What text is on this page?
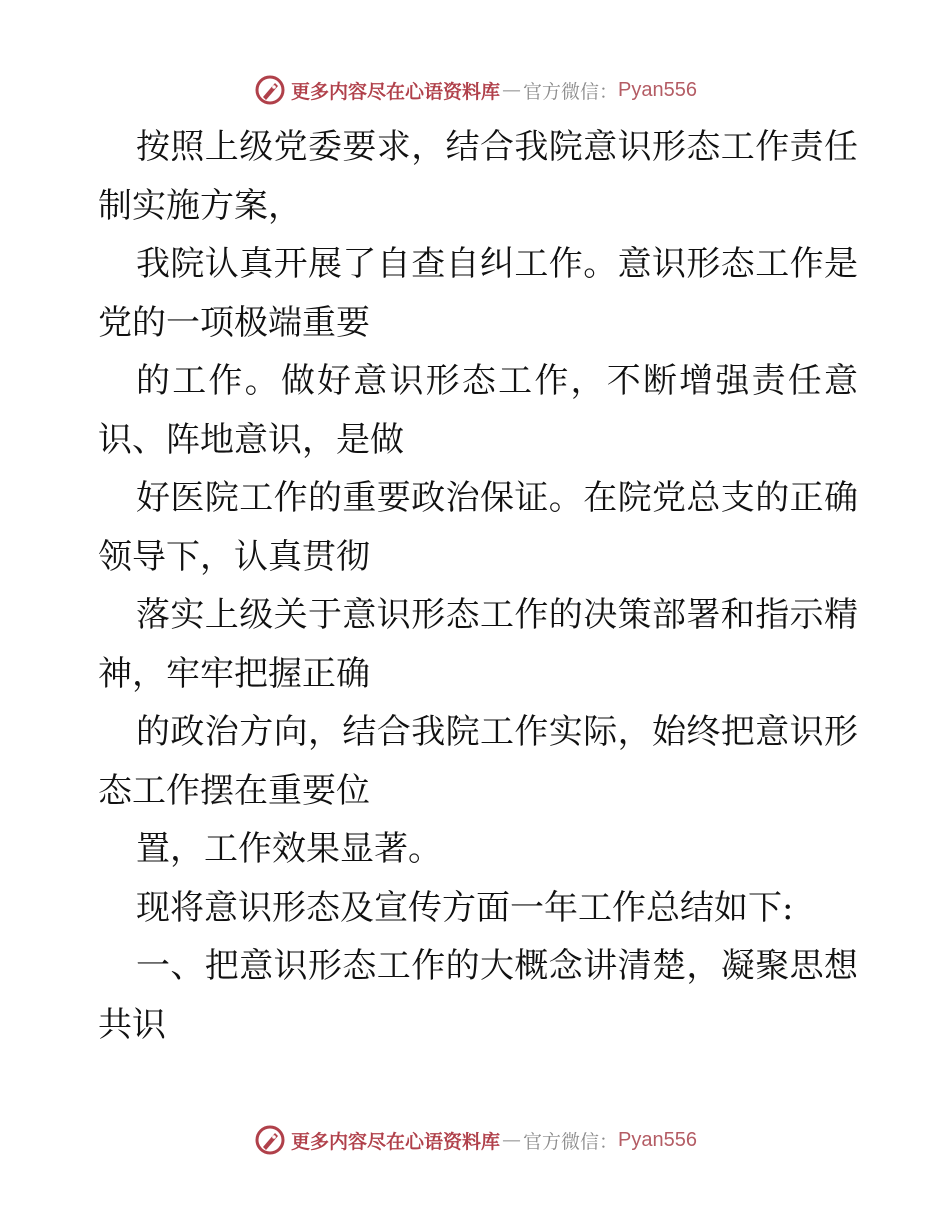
更多内容尽在心语资料库 — 官方微信： Pyan556

按照上级党委要求，结合我院意识形态工作责任制实施方案，

我院认真开展了自查自纠工作。意识形态工作是党的一项极端重要

的工作。做好意识形态工作，不断增强责任意识、阵地意识，是做

好医院工作的重要政治保证。在院党总支的正确领导下，认真贯彻

落实上级关于意识形态工作的决策部署和指示精神，牢牢把握正确

的政治方向，结合我院工作实际，始终把意识形态工作摆在重要位

置，工作效果显著。

现将意识形态及宣传方面一年工作总结如下:

一、把意识形态工作的大概念讲清楚，凝聚思想共识

更多内容尽在心语资料库 — 官方微信： Pyan556
